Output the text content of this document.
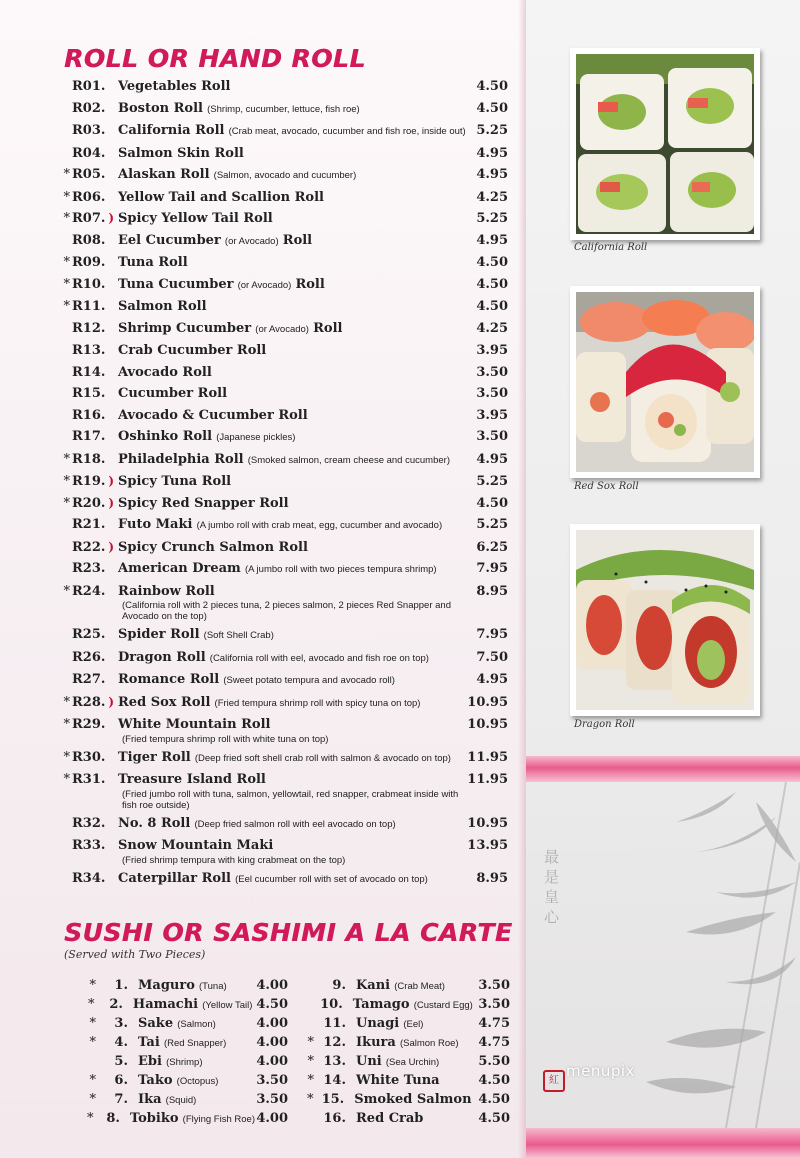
ROLL OR HAND ROLL
R01. Vegetables Roll	4.50
R02. Boston Roll (Shrimp, cucumber, lettuce, fish roe)	4.50
R03. California Roll (Crab meat, avocado, cucumber and fish roe, inside out) 5.25
R04. Salmon Skin Roll	4.95
* R05. Alaskan Roll (Salmon, avocado and cucumber)	4.95
* R06. Yellow Tail and Scallion Roll	4.25
* R07. ) Spicy Yellow Tail Roll	5.25
R08. Eel Cucumber (or Avocado) Roll	4.95
* R09. Tuna Roll	4.50
* R10. Tuna Cucumber (or Avocado) Roll	4.50
* R11. Salmon Roll	4.50
R12. Shrimp Cucumber (or Avocado) Roll	4.25
R13. Crab Cucumber Roll	3.95
R14. Avocado Roll	3.50
R15. Cucumber Roll	3.50
R16. Avocado & Cucumber Roll	3.95
R17. Oshinko Roll (Japanese pickles)	3.50
* R18. Philadelphia Roll (Smoked salmon, cream cheese and cucumber)	4.95
* R19. ) Spicy Tuna Roll	5.25
* R20. ) Spicy Red Snapper Roll	4.50
R21. Futo Maki (A jumbo roll with crab meat, egg, cucumber and avocado)	5.25
R22. ) Spicy Crunch Salmon Roll	6.25
R23. American Dream (A jumbo roll with two pieces tempura shrimp)	7.95
* R24. Rainbow Roll
(California roll with 2 pieces tuna, 2 pieces salmon, 2 pieces Red Snapper and
Avocado on the top)
8.95
R25. Spider Roll (Soft Shell Crab)	7.95
R26. Dragon Roll (California roll with eel, avocado and fish roe on top)	7.50
R27. Romance Roll (Sweet potato tempura and avocado roll)	4.95
* R28. ) Red Sox Roll (Fried tempura shrimp roll with spicy tuna on top)	10.95
* R29. White Mountain Roll
(Fried tempura shrimp roll with white tuna on top)
10.95
* R30. Tiger Roll (Deep fried soft shell crab roll with salmon & avocado on top)	11.95
* R31. Treasure Island Roll
(Fried jumbo roll with tuna, salmon, yellowtail, red snapper, crabmeat inside with
fish roe outside)
11.95
R32. No. 8 Roll (Deep fried salmon roll with eel avocado on top)	10.95
R33. Snow Mountain Maki
(Fried shrimp tempura with king crabmeat on the top)
13.95
R34. Caterpillar Roll (Eel cucumber roll with set of avocado on top)	8.95
SUSHI OR SASHIMI A LA CARTE

(Served with Two Pieces)

*	1. Maguro (Tuna)	4.00
*	2. Hamachi (Yellow Tail) 4.50
*	3. Sake (Salmon)	4.00
*	4. Tai (Red Snapper)	4.00
5. Ebi (Shrimp)	4.00
*	6. Tako (Octopus)	3.50
*	7. Ika (Squid)	3.50
* 8. Tobiko (Flying Fish Roe) 4.00
9. Kani (Crab Meat)	3.50
10. Tamago (Custard Egg) 3.50
11. Unagi (Eel)	4.75
* 12. Ikura (Salmon Roe)	4.75
* 13. Uni (Sea Urchin)	5.50
* 14. White Tuna	4.50
* 15. Smoked Salmon 4.50
16. Red Crab	4.50
最
是
皇
心

California Roll

Red Sox Roll

Dragon Roll

紅

menupix
